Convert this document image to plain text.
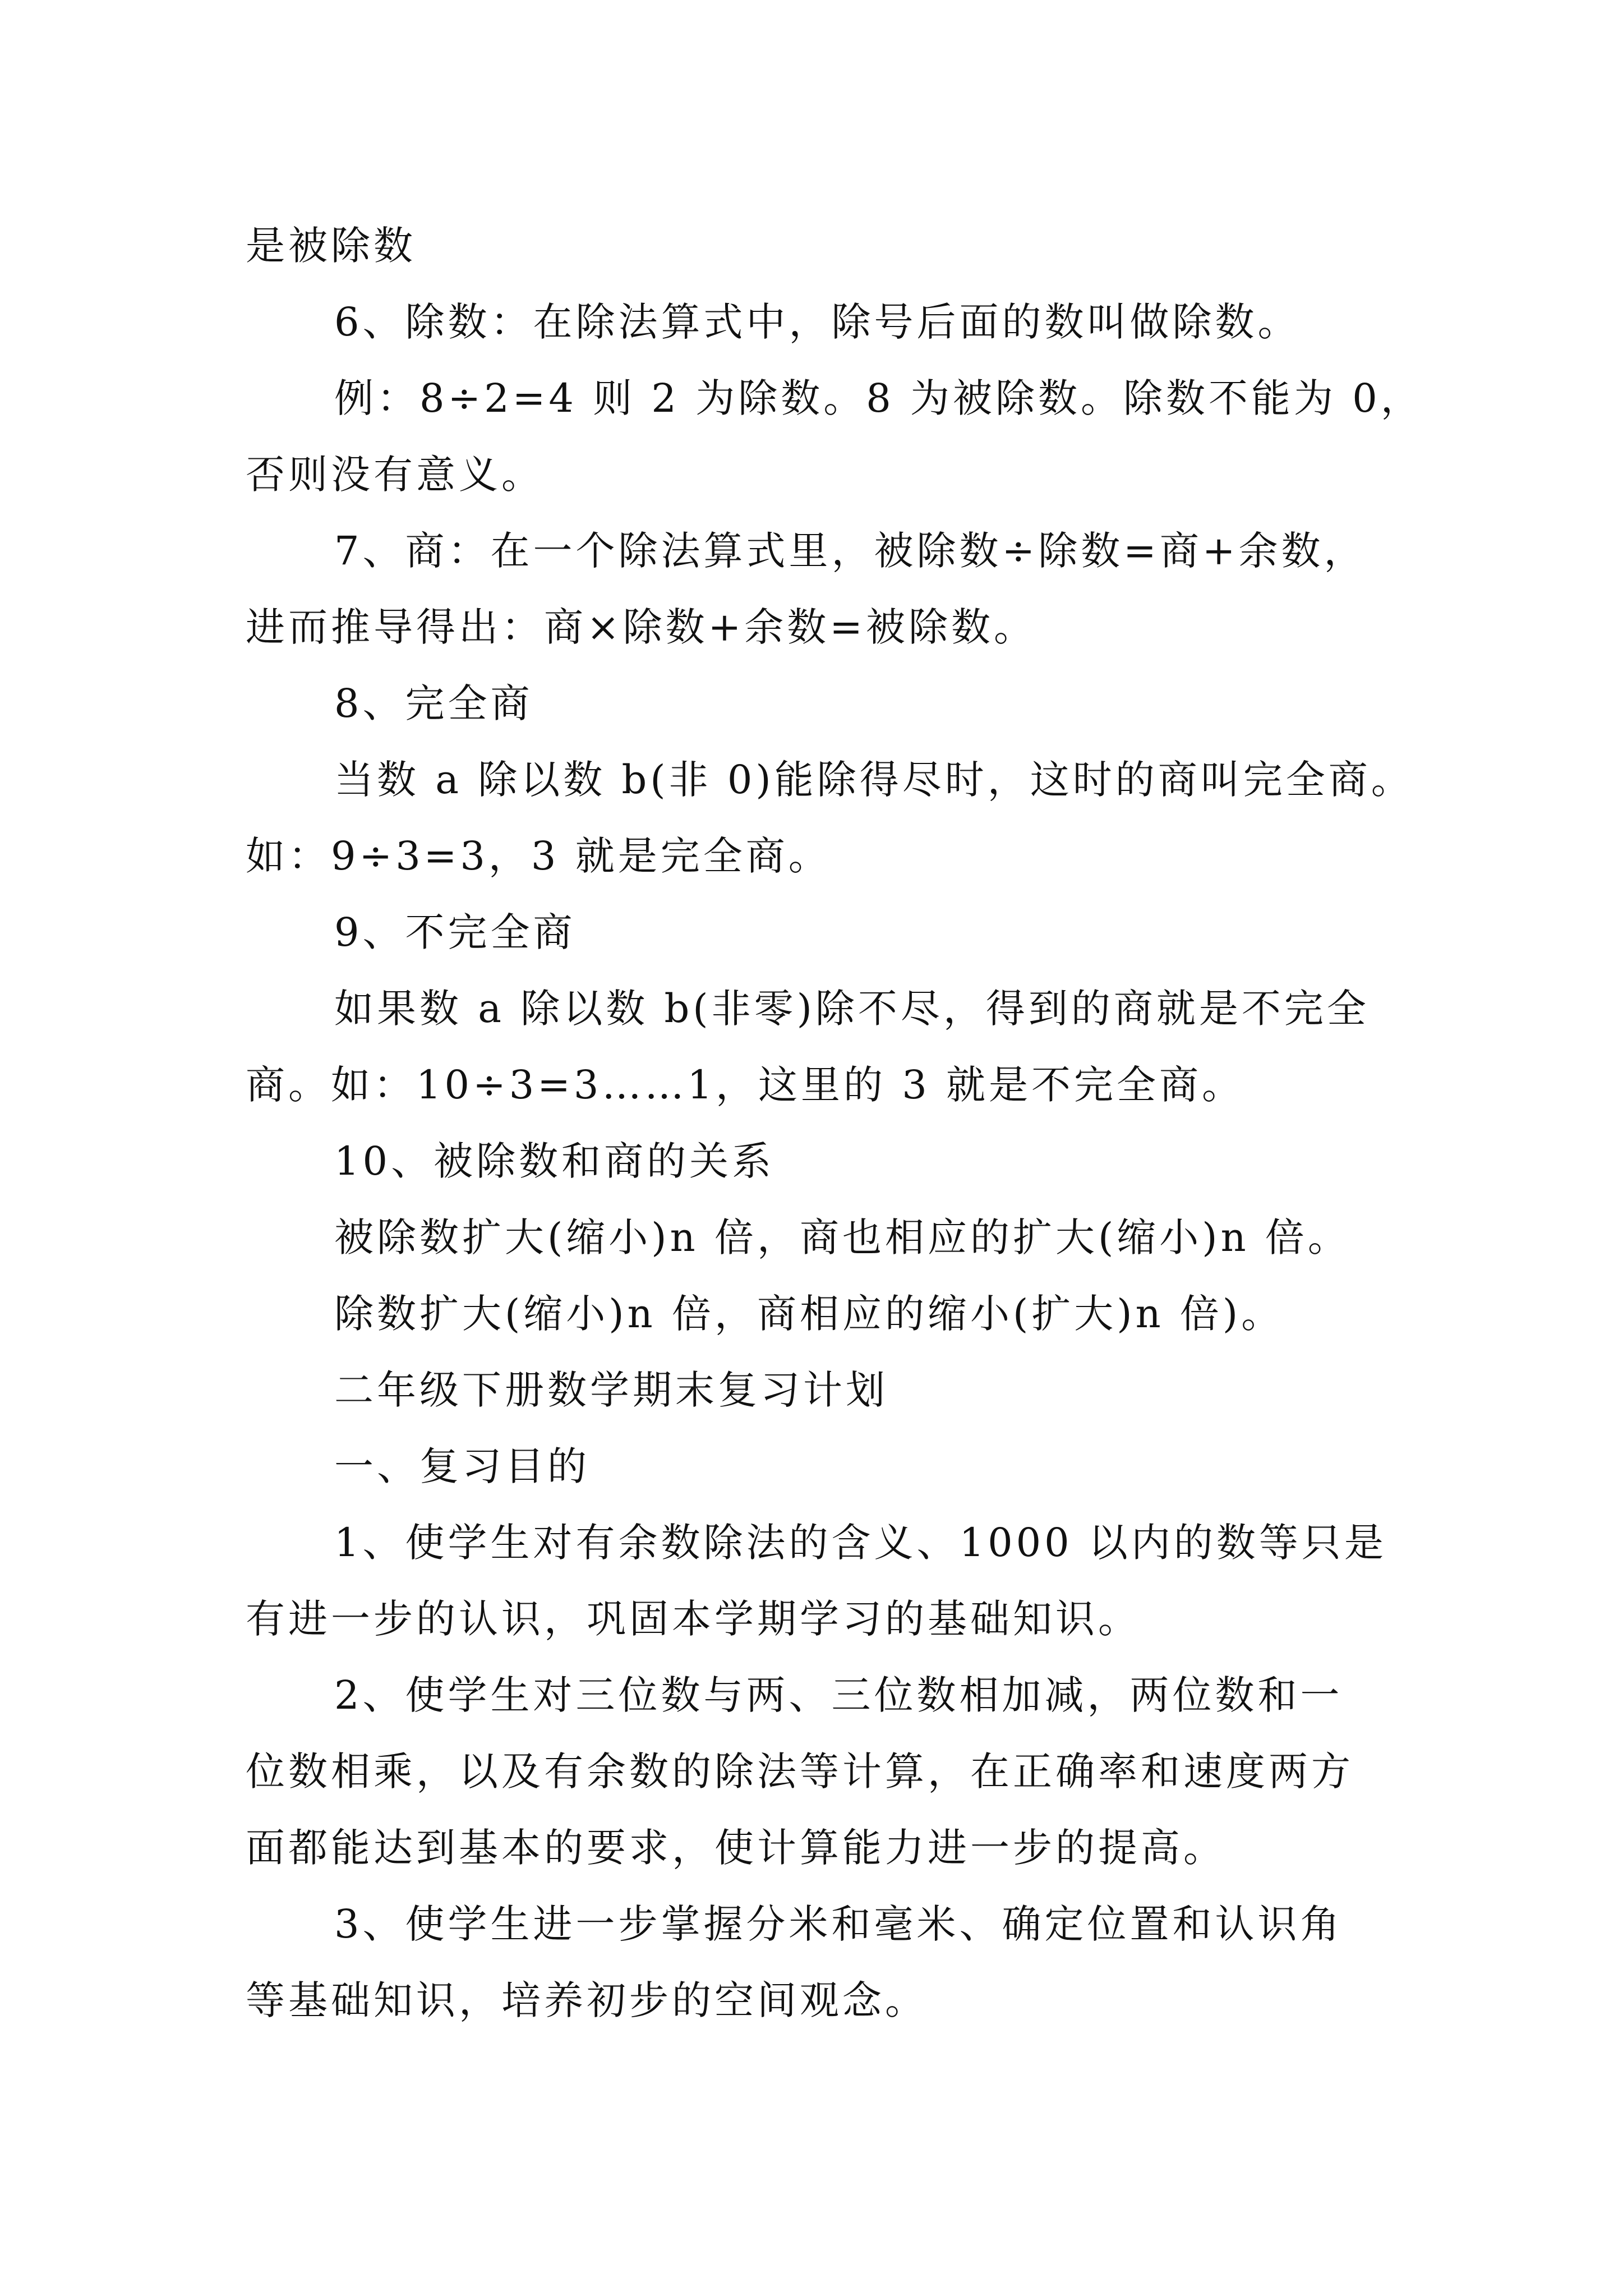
是被除数
6、除数：在除法算式中，除号后面的数叫做除数。
例：8÷2=4 则 2 为除数。8 为被除数。除数不能为 0，
否则没有意义。
7、商：在一个除法算式里，被除数÷除数=商+余数，
进而推导得出：商×除数+余数=被除数。
8、完全商
当数 a 除以数 b(非 0)能除得尽时，这时的商叫完全商。
如：9÷3=3，3 就是完全商。
9、不完全商
如果数 a 除以数 b(非零)除不尽，得到的商就是不完全
商。如：10÷3=3……1，这里的 3 就是不完全商。
10、被除数和商的关系
被除数扩大(缩小)n 倍，商也相应的扩大(缩小)n 倍。
除数扩大(缩小)n 倍，商相应的缩小(扩大)n 倍)。
二年级下册数学期末复习计划
一、复习目的
1、使学生对有余数除法的含义、1000 以内的数等只是
有进一步的认识，巩固本学期学习的基础知识。
2、使学生对三位数与两、三位数相加减，两位数和一
位数相乘，以及有余数的除法等计算，在正确率和速度两方
面都能达到基本的要求，使计算能力进一步的提高。
3、使学生进一步掌握分米和毫米、确定位置和认识角
等基础知识，培养初步的空间观念。
